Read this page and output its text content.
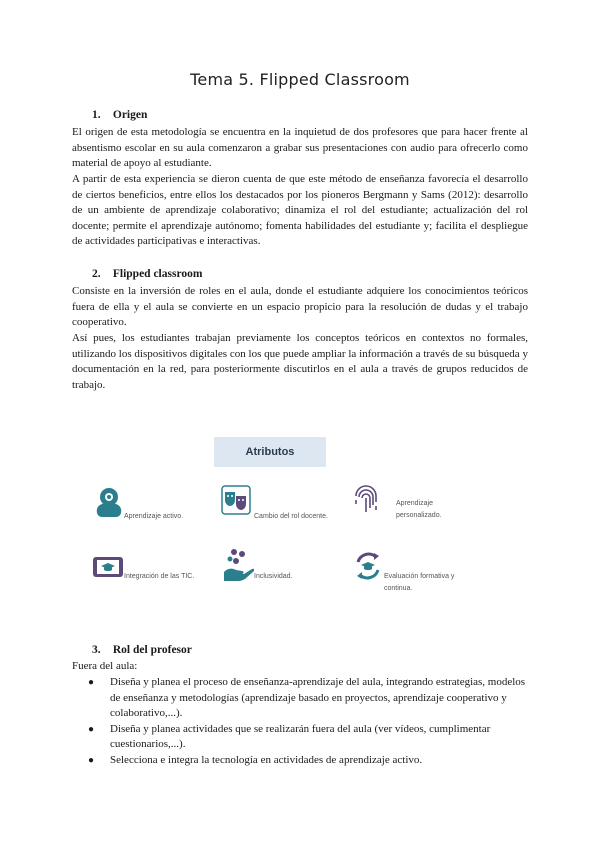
Tema 5. Flipped Classroom
1. Origen

El origen de esta metodología se encuentra en la inquietud de dos profesores que para hacer frente al absentismo escolar en su aula comenzaron a grabar sus presentaciones con audio para ofrecerlo como material de apoyo al estudiante.

A partir de esta experiencia se dieron cuenta de que este método de enseñanza favorecía el desarrollo de ciertos beneficios, entre ellos los destacados por los pioneros Bergmann y Sams (2012): desarrollo de un ambiente de aprendizaje colaborativo; dinamiza el rol del estudiante; actualización del rol docente; permite el aprendizaje autónomo; fomenta habilidades del estudiante y; facilita el despliegue de actividades participativas e interactivas.

2. Flipped classroom

Consiste en la inversión de roles en el aula, donde el estudiante adquiere los conocimientos teóricos fuera de ella y el aula se convierte en un espacio propicio para la resolución de dudas y el trabajo cooperativo.

Así pues, los estudiantes trabajan previamente los conceptos teóricos en contextos no formales, utilizando los dispositivos digitales con los que puede ampliar la información a través de su búsqueda y documentación en la red, para posteriormente discutirlos en el aula a través de grupos reducidos de trabajo.

Atributos
Aprendizaje activo.	Cambio del rol docente.
Aprendizaje personalizado.
Integración de las TIC.	Inclusividad.	Evaluación formativa y continua.
3. Rol del profesor
Fuera del aula:
● Diseña y planea el proceso de enseñanza-aprendizaje del aula, integrando estrategias, modelos de enseñanza y metodologías (aprendizaje basado en proyectos, aprendizaje cooperativo y colaborativo,...).
● Diseña y planea actividades que se realizarán fuera del aula (ver vídeos, cumplimentar cuestionarios,...).
● Selecciona e integra la tecnología en actividades de aprendizaje activo.
